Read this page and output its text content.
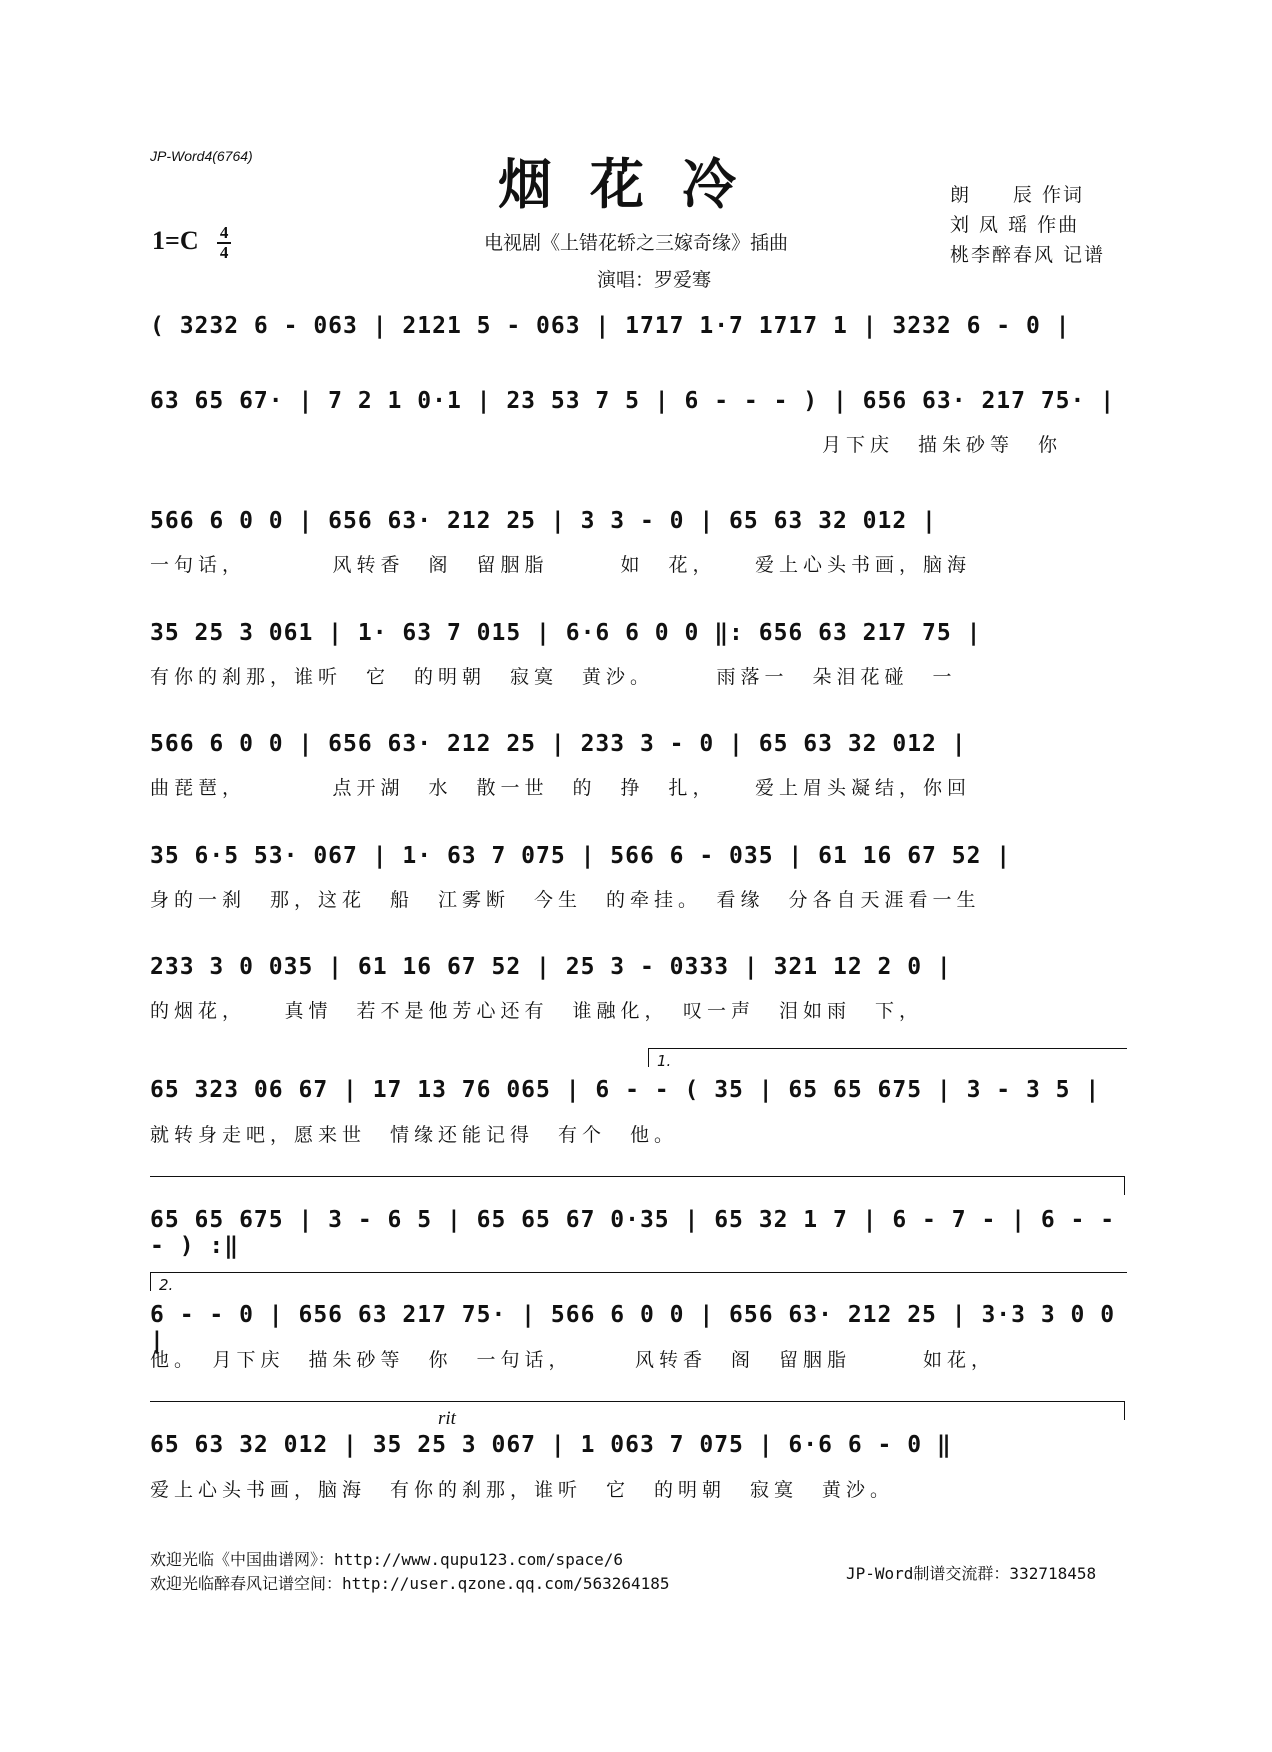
JP-Word4(6764)	烟花冷
$1=C \frac{4}{4}$	电视剧《上错花轿之三嫁奇缘》插曲
演唱：罗爱骞
朗　　辰 作词
刘 凤 瑶 作曲
桃李醉春风 记谱
( 3232 6 - 063 | 2121 5 - 063 | 1717 1·7 1717 1 | 3232 6 - 0 |
63 65 67· | 7 2 1 0·1 | 23 53 7 5 | 6 - - - ) | 656 63· 217 75· |
月下庆　描朱砂等　你
566 6 0 0 | 656 63· 212 25 | 3 3 - 0 | 65 63 32 012 |
一句话，　　　　风转香　阁　留胭脂　　　如　花，　　爱上心头书画，脑海
35 25 3 061 | 1· 63 7 015 | 6·6 6 0 0 ‖: 656 63 217 75 |
有你的刹那，谁听　它　的明朝　寂寞　黄沙。　　　雨落一　朵泪花碰　一
566 6 0 0 | 656 63· 212 25 | 233 3 - 0 | 65 63 32 012 |
曲琵琶，　　　　点开湖　水　散一世　的　挣　扎，　　爱上眉头凝结，你回
35 6·5 53· 067 | 1· 63 7 075 | 566 6 - 035 | 61 16 67 52 |
身的一刹　那，这花　船　江雾断　今生　的牵挂。　看缘　分各自天涯看一生
233 3 0 035 | 61 16 67 52 | 25 3 - 0333 | 321 12 2 0 |
的烟花，　　真情　若不是他芳心还有　谁融化，　叹一声　泪如雨　下，
1.
65 323 06 67 | 17 13 76 065 | 6 - - ( 35 | 65 65 675 | 3 - 3 5 |
就转身走吧，愿来世　情缘还能记得　有个　他。
65 65 675 | 3 - 6 5 | 65 65 67 0·35 | 65 32 1 7 | 6 - 7 - | 6 - - - ) :‖
2.
6 - - 0 | 656 63 217 75· | 566 6 0 0 | 656 63· 212 25 | 3·3 3 0 0 |
他。　月下庆　描朱砂等　你　一句话，　　　风转香　阁　留胭脂　　　如花，
rit
65 63 32 012 | 35 25 3 067 | 1 063 7 075 | 6·6 6 - 0 ‖
爱上心头书画，脑海　有你的刹那，谁听　它　的明朝　寂寞　黄沙。
欢迎光临《中国曲谱网》：http://www.qupu123.com/space/6
欢迎光临醉春风记谱空间：http://user.qzone.qq.com/563264185
JP-Word制谱交流群：332718458
